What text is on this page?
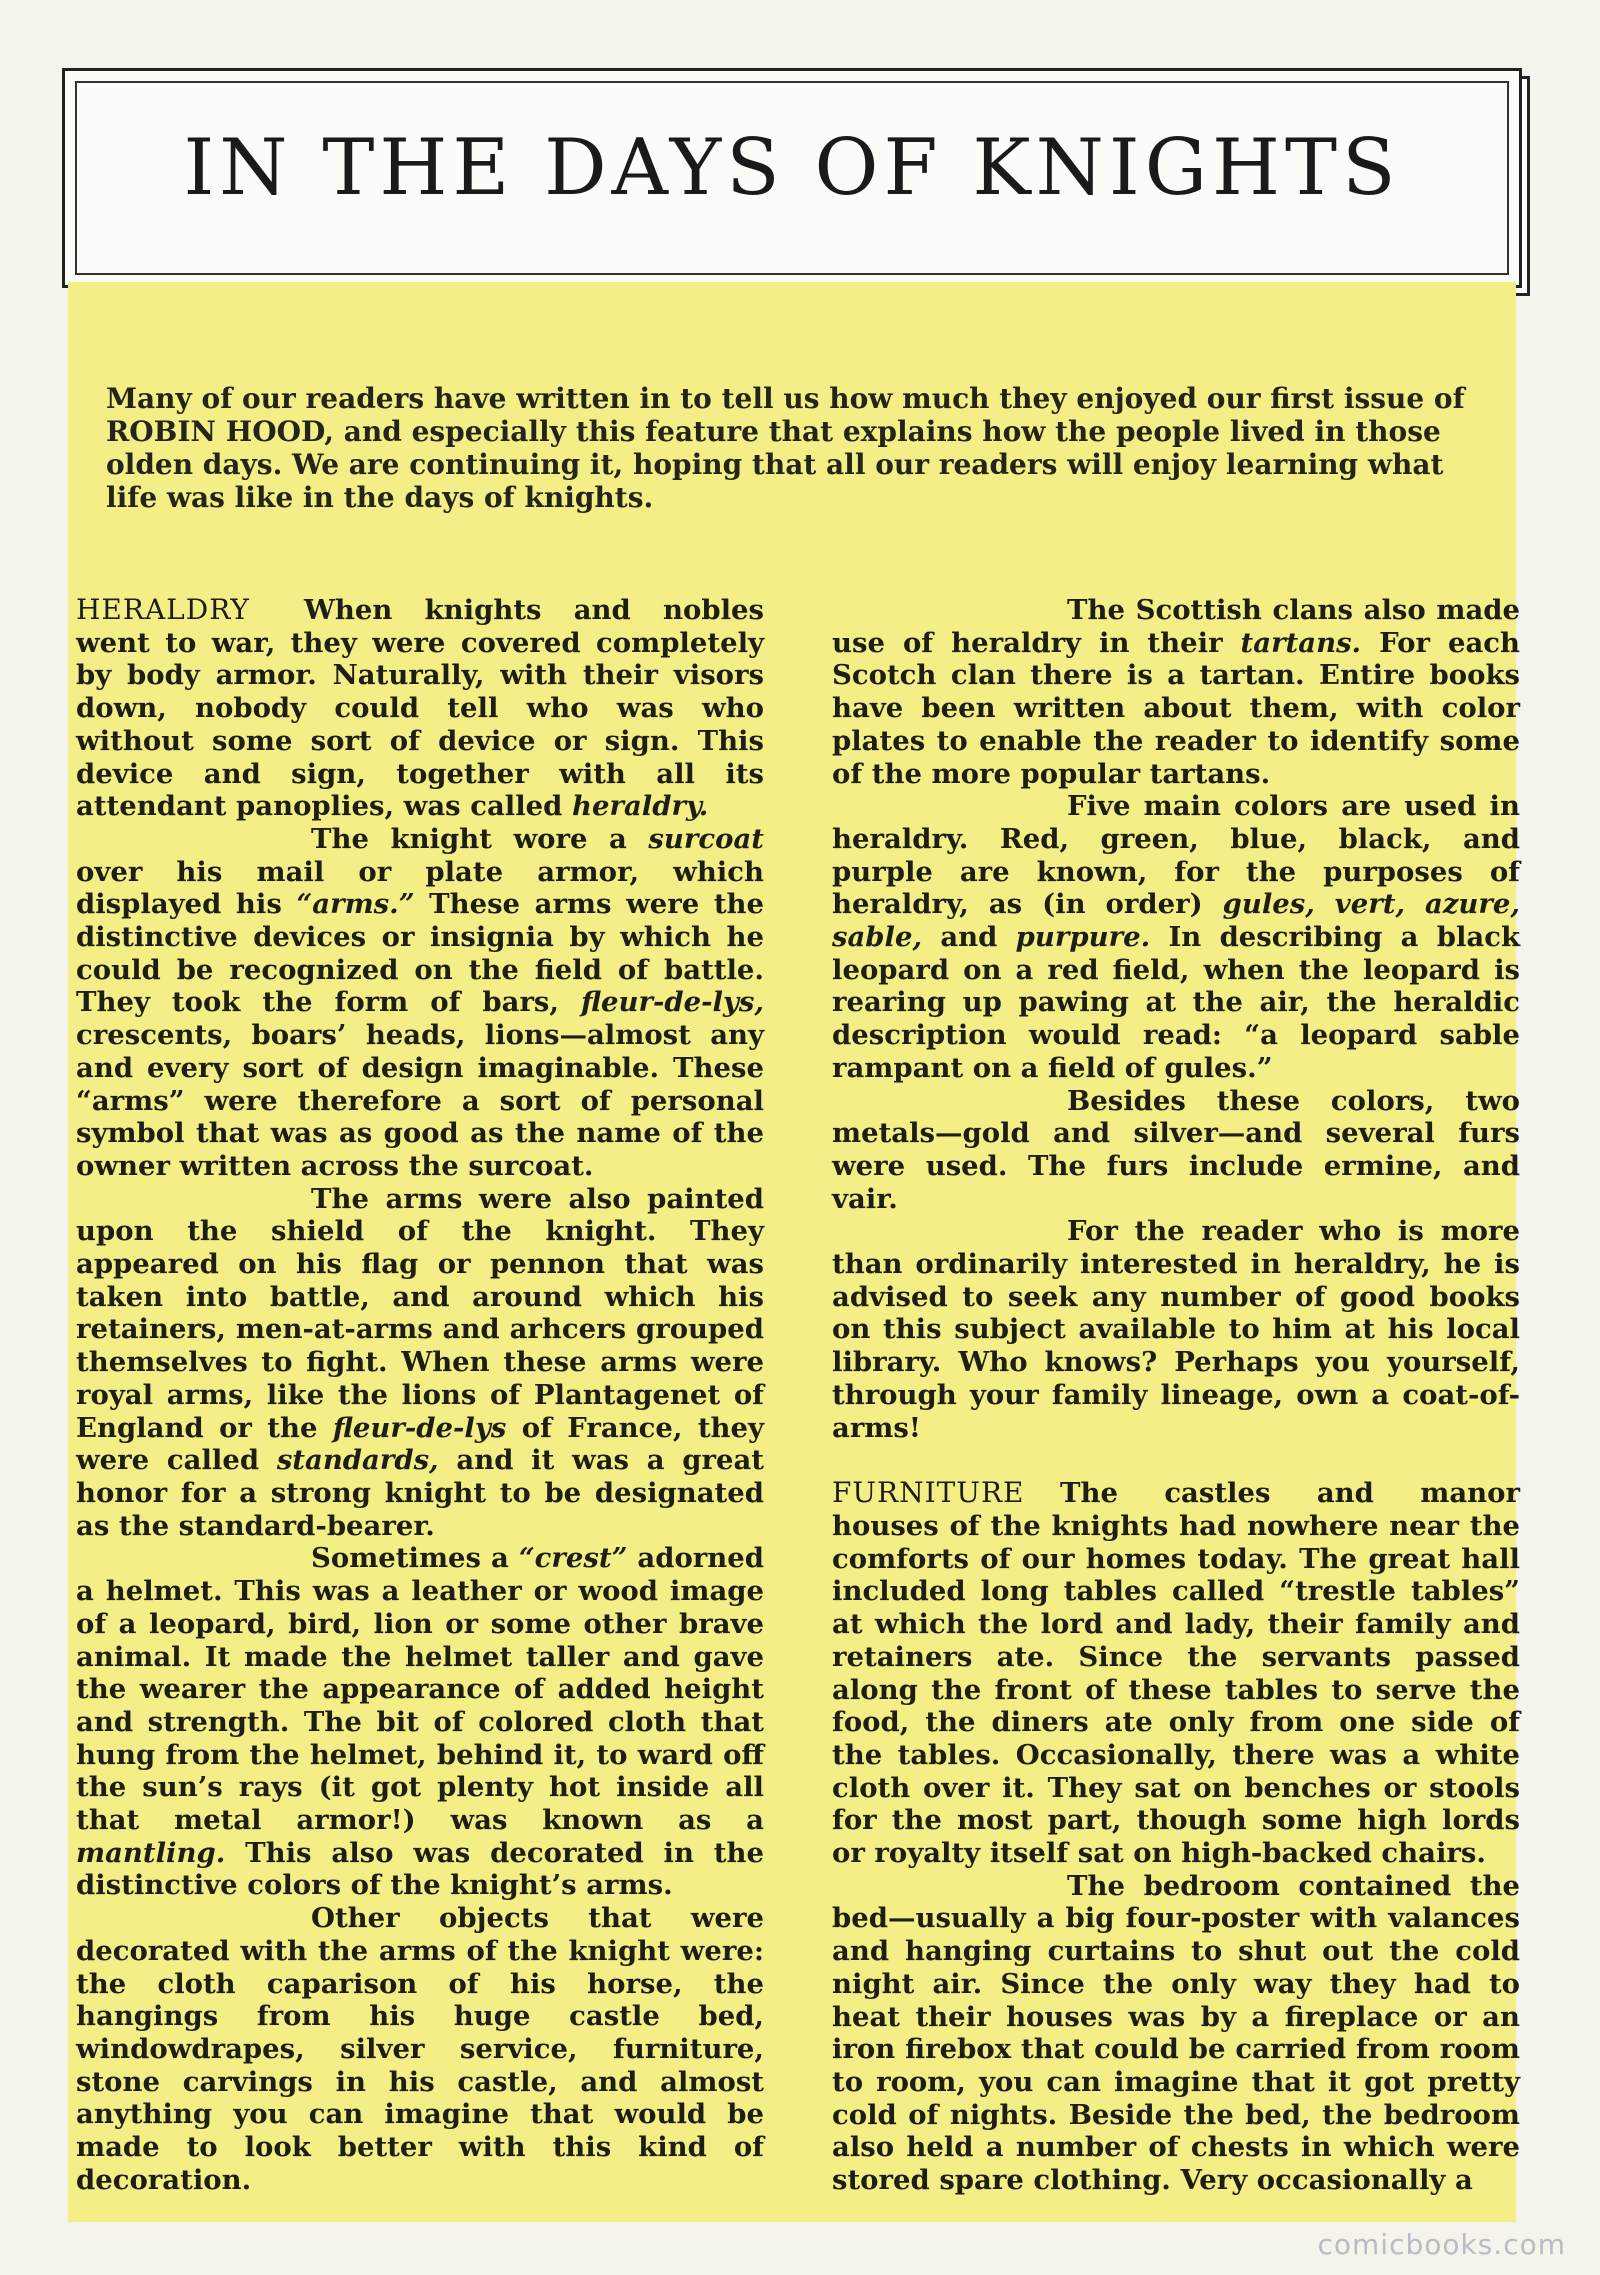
IN THE DAYS OF KNIGHTS

Many of our readers have written in to tell us how much they enjoyed our first issue of ROBIN HOOD, and especially this feature that explains how the people lived in those olden days. We are continuing it, hoping that all our readers will enjoy learning what life was like in the days of knights.

HERALDRY	When knights and nobles went to war, they were covered completely by body armor. Naturally, with their visors down, nobody could tell who was who without some sort of device or sign. This device and sign, together with all its attendant panoplies, was called heraldry.

The knight wore a surcoat over his mail or plate armor, which displayed his “arms.” These arms were the distinctive devices or insignia by which he could be recognized on the field of battle. They took the form of bars, fleur-de-lys, crescents, boars’ heads, lions—almost any and every sort of design imaginable. These “arms” were therefore a sort of personal symbol that was as good as the name of the owner written across the surcoat.

The arms were also painted upon the shield of the knight. They appeared on his flag or pennon that was taken into battle, and around which his retainers, men-at-arms and arhcers grouped themselves to fight. When these arms were royal arms, like the lions of Plantagenet of England or the fleur-de-lys of France, they were called standards, and it was a great honor for a strong knight to be designated as the standard-bearer.

Sometimes a “crest” adorned a helmet. This was a leather or wood image of a leopard, bird, lion or some other brave animal. It made the helmet taller and gave the wearer the appearance of added height and strength. The bit of colored cloth that hung from the helmet, behind it, to ward off the sun’s rays (it got plenty hot inside all that metal armor!) was known as a mantling. This also was decorated in the distinctive colors of the knight’s arms.

Other objects that were decorated with the arms of the knight were: the cloth caparison of his horse, the hangings from his huge castle bed, windowdrapes, silver service, furniture, stone carvings in his castle, and almost anything you can imagine that would be made to look better with this kind of decoration.

The Scottish clans also made use of heraldry in their tartans. For each Scotch clan there is a tartan. Entire books have been written about them, with color plates to enable the reader to identify some of the more popular tartans.

Five main colors are used in heraldry. Red, green, blue, black, and purple are known, for the purposes of heraldry, as (in order) gules, vert, azure, sable, and purpure. In describing a black leopard on a red field, when the leopard is rearing up pawing at the air, the heraldic description would read: “a leopard sable rampant on a field of gules.”

Besides these colors, two metals—gold and silver—and several furs were used. The furs include ermine, and vair.

For the reader who is more than ordinarily interested in heraldry, he is advised to seek any number of good books on this subject available to him at his local library. Who knows? Perhaps you yourself, through your family lineage, own a coat-of-arms!

FURNITURE	The castles and manor houses of the knights had nowhere near the comforts of our homes today. The great hall included long tables called “trestle tables” at which the lord and lady, their family and retainers ate. Since the servants passed along the front of these tables to serve the food, the diners ate only from one side of the tables. Occasionally, there was a white cloth over it. They sat on benches or stools for the most part, though some high lords or royalty itself sat on high-backed chairs.

The bedroom contained the bed—usually a big four-poster with valances and hanging curtains to shut out the cold night air. Since the only way they had to heat their houses was by a fireplace or an iron firebox that could be carried from room to room, you can imagine that it got pretty cold of nights. Beside the bed, the bedroom also held a number of chests in which were stored spare clothing. Very occasionally a

comicbooks.com
